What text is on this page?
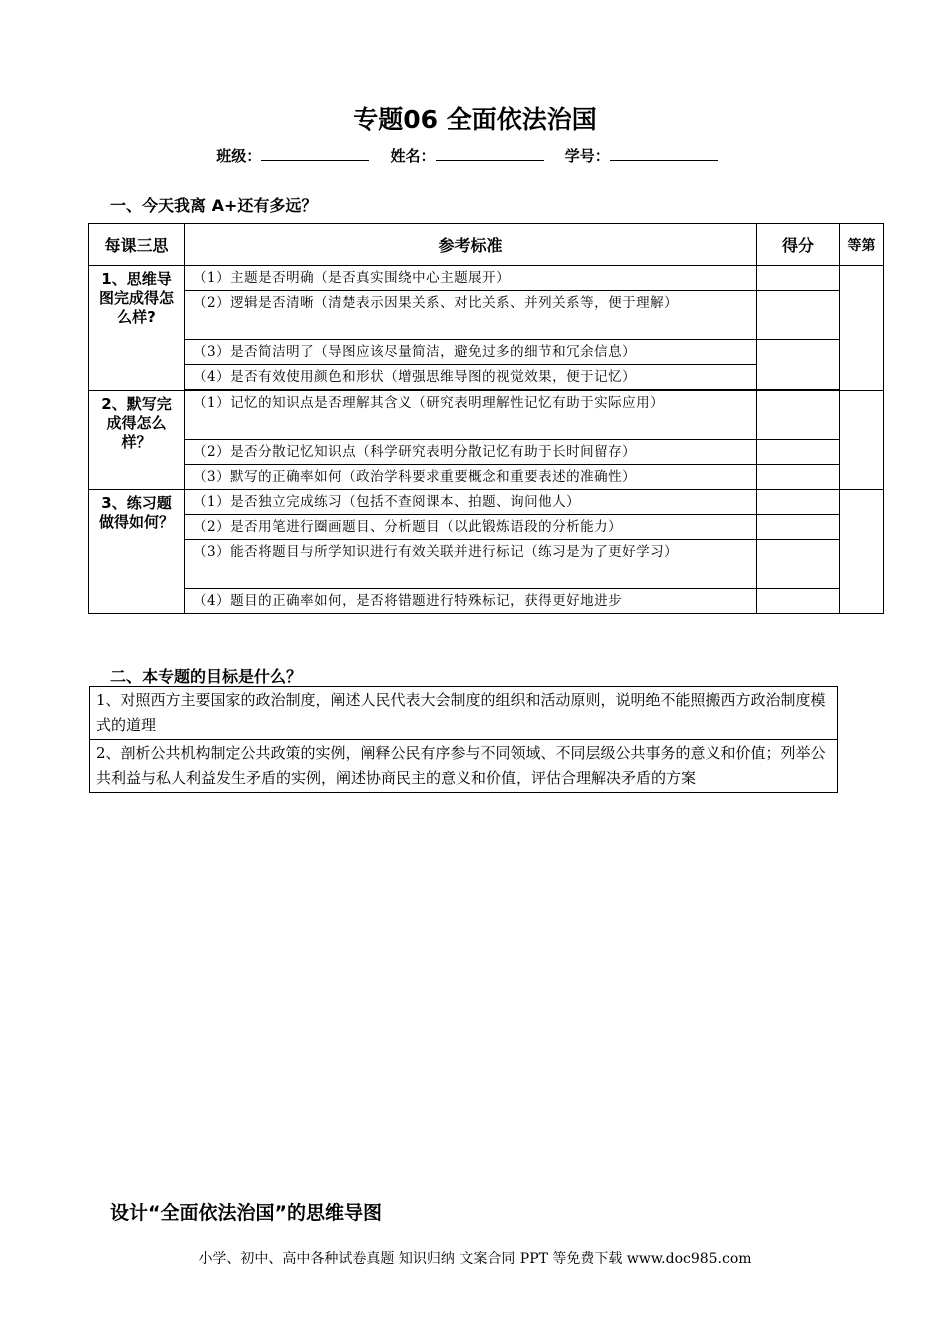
专题06 全面依法治国
班级：	姓名：	学号：
一、今天我离 A+还有多远？
每课三思	参考标准	得分	等第
1、思维导图完成得怎么样?	（1）主题是否明确（是否真实围绕中心主题展开）		
	（2）逻辑是否清晰（清楚表示因果关系、对比关系、并列关系等，便于理解）		
	（3）是否简洁明了（导图应该尽量简洁，避免过多的细节和冗余信息）		
	（4）是否有效使用颜色和形状（增强思维导图的视觉效果，便于记忆）		

2、默写完成得怎么样？	（1）记忆的知识点是否理解其含义（研究表明理解性记忆有助于实际应用）		
	（2）是否分散记忆知识点（科学研究表明分散记忆有助于长时间留存）		
	（3）默写的正确率如何（政治学科要求重要概念和重要表述的准确性）		
3、练习题做得如何？	（1）是否独立完成练习（包括不查阅课本、拍题、询问他人）		
	（2）是否用笔进行圈画题目、分析题目（以此锻炼语段的分析能力）		
	（3）能否将题目与所学知识进行有效关联并进行标记（练习是为了更好学习）		
	（4）题目的正确率如何，是否将错题进行特殊标记，获得更好地进步		
二、本专题的目标是什么？
1、对照西方主要国家的政治制度，阐述人民代表大会制度的组织和活动原则，说明绝不能照搬西方政治制度模式的道理
2、剖析公共机构制定公共政策的实例，阐释公民有序参与不同领域、不同层级公共事务的意义和价值；列举公共利益与私人利益发生矛盾的实例，阐述协商民主的意义和价值，评估合理解决矛盾的方案
设计“全面依法治国”的思维导图
小学、初中、高中各种试卷真题 知识归纳 文案合同 PPT 等免费下载 www.doc985.com
